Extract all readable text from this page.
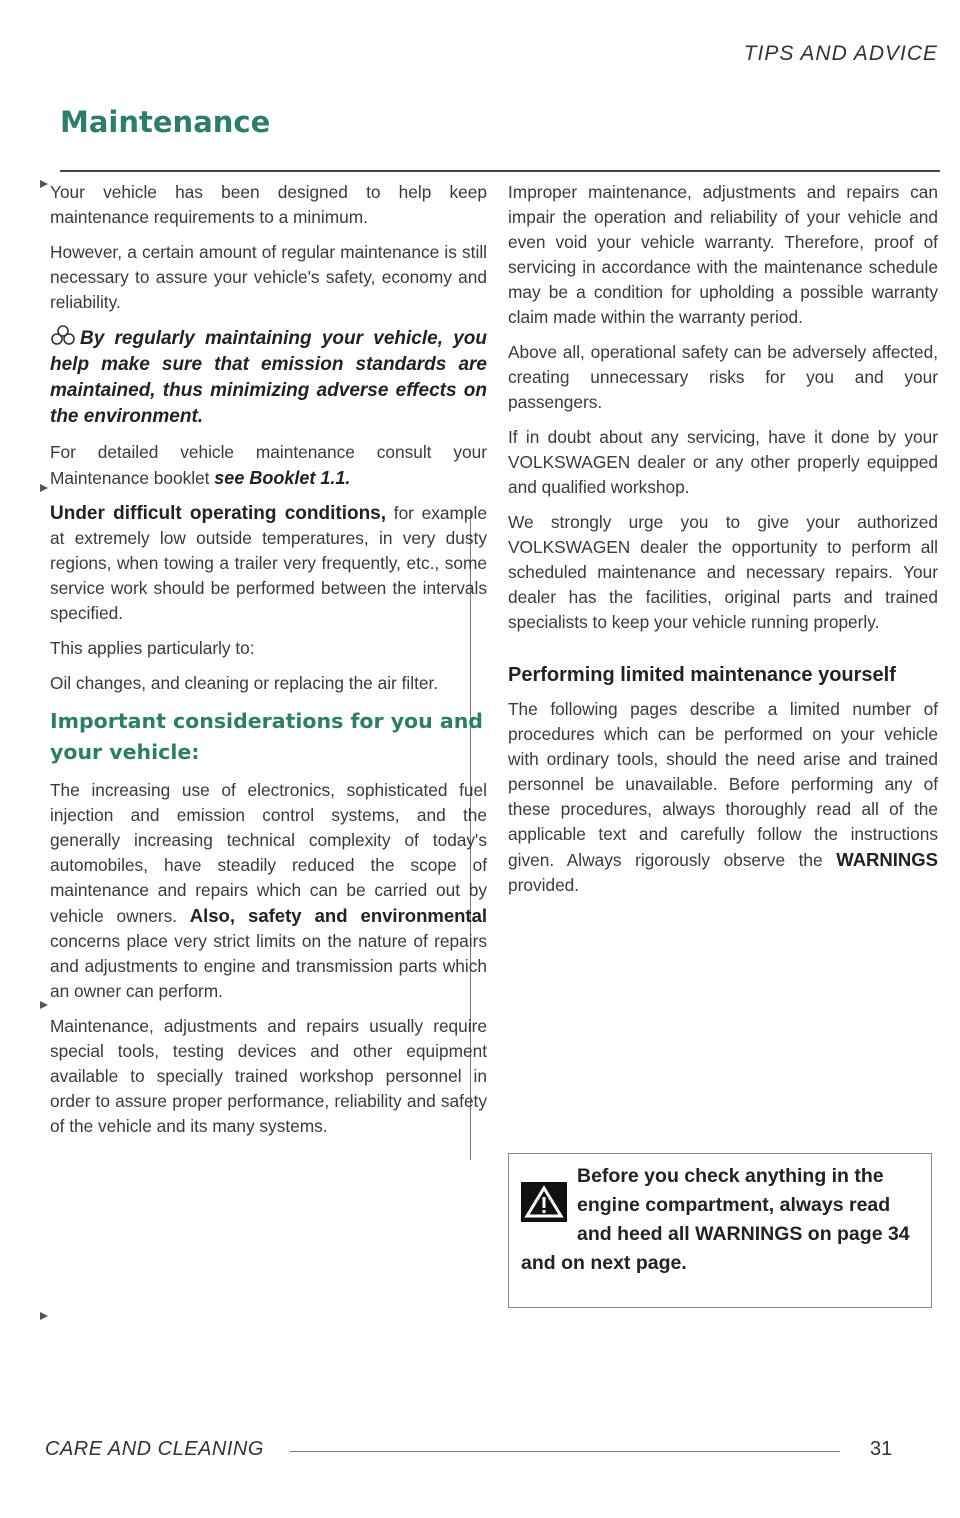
TIPS AND ADVICE
Maintenance

Your vehicle has been designed to help keep maintenance requirements to a minimum.

However, a certain amount of regular maintenance is still necessary to assure your vehicle's safety, economy and reliability.

By regularly maintaining your vehicle, you help make sure that emission standards are maintained, thus minimizing adverse effects on the environment.

For detailed vehicle maintenance consult your Maintenance booklet see Booklet 1.1.

Under difficult operating conditions, for example at extremely low outside temperatures, in very dusty regions, when towing a trailer very frequently, etc., some service work should be performed between the intervals specified.

This applies particularly to:

Oil changes, and cleaning or replacing the air filter.

Important considerations for you and your vehicle:

The increasing use of electronics, sophisticated fuel injection and emission control systems, and the generally increasing technical complexity of today's automobiles, have steadily reduced the scope of maintenance and repairs which can be carried out by vehicle owners. Also, safety and environmental concerns place very strict limits on the nature of repairs and adjustments to engine and transmission parts which an owner can perform.

Maintenance, adjustments and repairs usually require special tools, testing devices and other equipment available to specially trained workshop personnel in order to assure proper performance, reliability and safety of the vehicle and its many systems.

Improper maintenance, adjustments and repairs can impair the operation and reliability of your vehicle and even void your vehicle warranty. Therefore, proof of servicing in accordance with the maintenance schedule may be a condition for upholding a possible warranty claim made within the warranty period.

Above all, operational safety can be adversely affected, creating unnecessary risks for you and your passengers.

If in doubt about any servicing, have it done by your VOLKSWAGEN dealer or any other properly equipped and qualified workshop.

We strongly urge you to give your authorized VOLKSWAGEN dealer the opportunity to perform all scheduled maintenance and necessary repairs. Your dealer has the facilities, original parts and trained specialists to keep your vehicle running properly.

Performing limited maintenance yourself

The following pages describe a limited number of procedures which can be performed on your vehicle with ordinary tools, should the need arise and trained personnel be unavailable. Before performing any of these procedures, always thoroughly read all of the applicable text and carefully follow the instructions given. Always rigorously observe the WARNINGS provided.

Before you check anything in the engine compartment, always read and heed all WARNINGS on page 34 and on next page.
CARE AND CLEANING	31
